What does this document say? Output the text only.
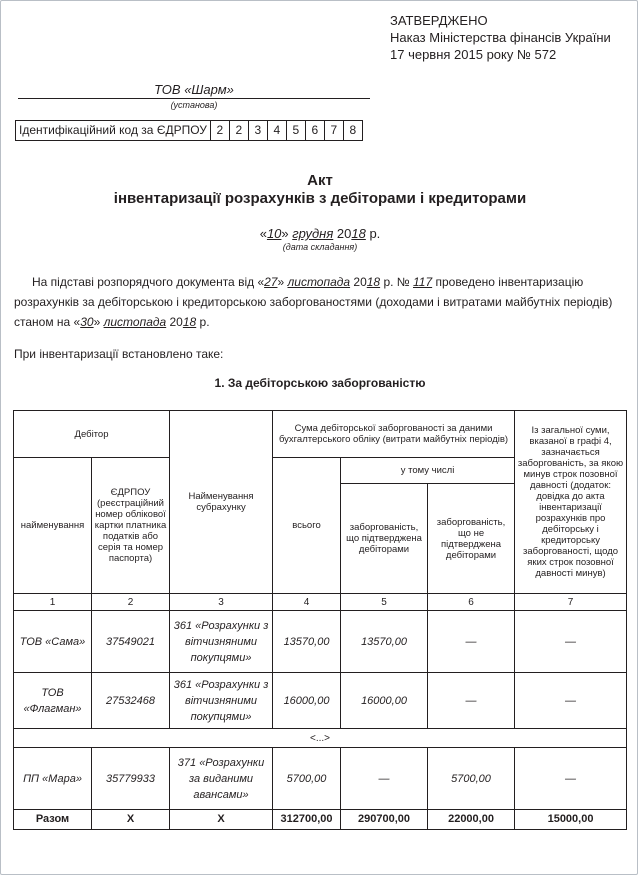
ЗАТВЕРДЖЕНО
Наказ Міністерства фінансів України
17 червня 2015 року № 572
ТОВ «Шарм»
(установа)
Ідентифікаційний код за ЄДРПОУ 2	2	3	4	5	6	7	8
Акт
інвентаризації розрахунків з дебіторами і кредиторами
«10» грудня 2018 р.
(дата складання)
На підставі розпорядчого документа від «27» листопада 2018 р. № 117 проведено інвентаризацію
розрахунків за дебіторською і кредиторською заборгованостями (доходами і витратами майбутніх періодів)
станом на «30» листопада 2018 р.
При інвентаризації встановлено таке:
1. За дебіторською заборгованістю
Дебітор		Найменування субрахунку	Сума дебіторської заборгованості за даними бухгалтерського обліку (витрати майбутніх періодів)			Із загальної суми, вказаної в графі 4, зазначається заборгованість, за якою минув строк позовної давності (додаток: довідка до акта інвентаризації розрахунків про дебіторську і кредиторську заборгованості, щодо яких строк позовної давності минув)
найменування	ЄДРПОУ (реєстраційний номер облікової картки платника податків або серія та номер паспорта)		всього	у тому числі		
				заборгованість, що підтверджена дебіторами	заборгованість, що не підтверджена дебіторами	
1	2	3	4	5	6	7
ТОВ «Сама»	37549021	361 «Розрахунки з вітчизняними покупцями»	13570,00	13570,00	—	—
ТОВ «Флагман»	27532468	361 «Розрахунки з вітчизняними покупцями»	16000,00	16000,00	—	—
<...>						
ПП «Мара»	35779933	371 «Розрахунки за виданими авансами»	5700,00	—	5700,00	—
Разом	Х	Х	312700,00	290700,00	22000,00	15000,00
